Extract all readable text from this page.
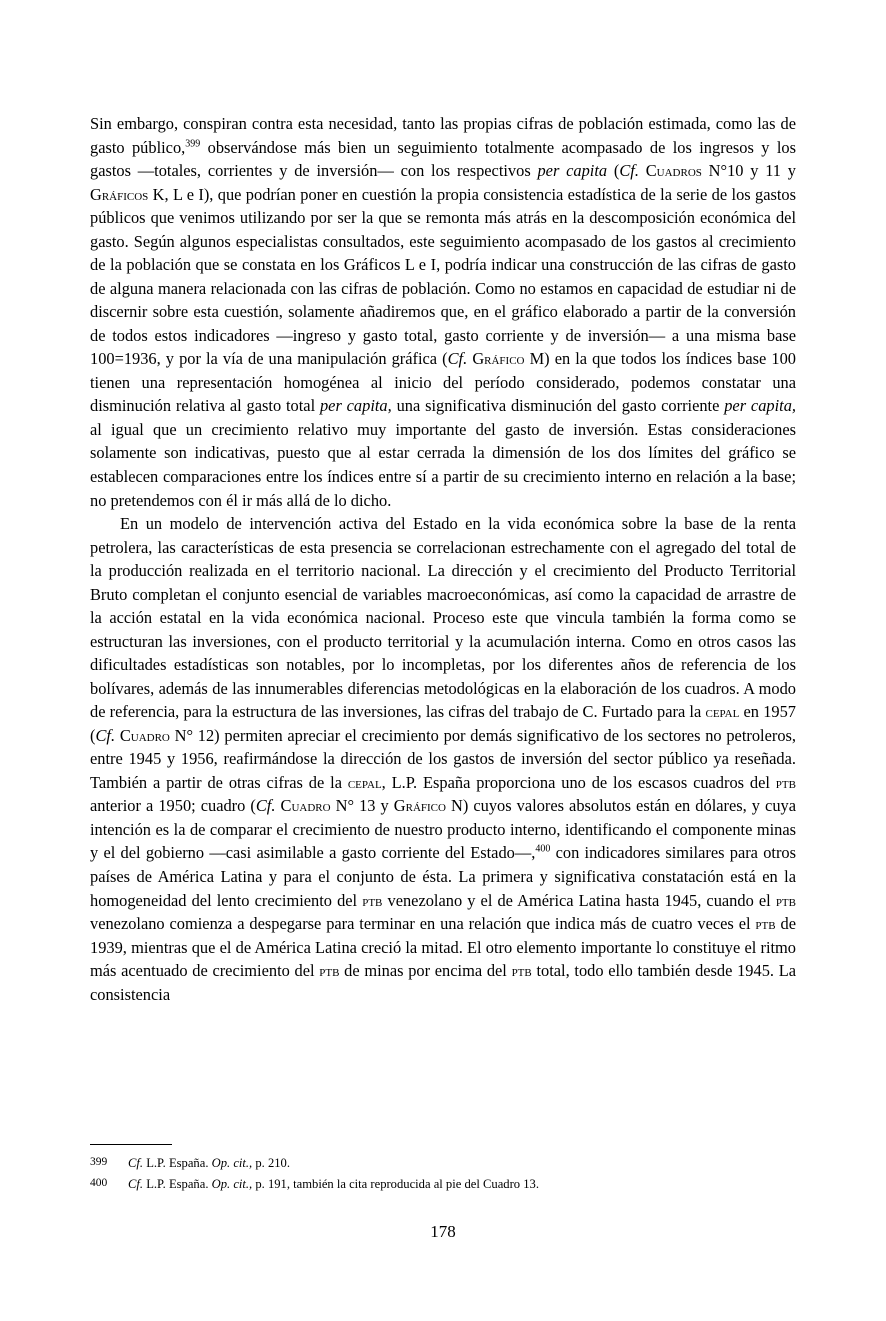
Sin embargo, conspiran contra esta necesidad, tanto las propias cifras de población estimada, como las de gasto público,$^{399}$ observándose más bien un seguimiento totalmente acompasado de los ingresos y los gastos —totales, corrientes y de inversión— con los respectivos per capita (Cf. Cuadros N°10 y 11 y Gráficos K, L e I), que podrían poner en cuestión la propia consistencia estadística de la serie de los gastos públicos que venimos utilizando por ser la que se remonta más atrás en la descomposición económica del gasto. Según algunos especialistas consultados, este seguimiento acompasado de los gastos al crecimiento de la población que se constata en los Gráficos L e I, podría indicar una construcción de las cifras de gasto de alguna manera relacionada con las cifras de población. Como no estamos en capacidad de estudiar ni de discernir sobre esta cuestión, solamente añadiremos que, en el gráfico elaborado a partir de la conversión de todos estos indicadores —ingreso y gasto total, gasto corriente y de inversión— a una misma base 100=1936, y por la vía de una manipulación gráfica (Cf. Gráfico M) en la que todos los índices base 100 tienen una representación homogénea al inicio del período considerado, podemos constatar una disminución relativa al gasto total per capita, una significativa disminución del gasto corriente per capita, al igual que un crecimiento relativo muy importante del gasto de inversión. Estas consideraciones solamente son indicativas, puesto que al estar cerrada la dimensión de los dos límites del gráfico se establecen comparaciones entre los índices entre sí a partir de su crecimiento interno en relación a la base; no pretendemos con él ir más allá de lo dicho.

En un modelo de intervención activa del Estado en la vida económica sobre la base de la renta petrolera, las características de esta presencia se correlacionan estrechamente con el agregado del total de la producción realizada en el territorio nacional. La dirección y el crecimiento del Producto Territorial Bruto completan el conjunto esencial de variables macroeconómicas, así como la capacidad de arrastre de la acción estatal en la vida económica nacional. Proceso este que vincula también la forma como se estructuran las inversiones, con el producto territorial y la acumulación interna. Como en otros casos las dificultades estadísticas son notables, por lo incompletas, por los diferentes años de referencia de los bolívares, además de las innumerables diferencias metodológicas en la elaboración de los cuadros. A modo de referencia, para la estructura de las inversiones, las cifras del trabajo de C. Furtado para la cepal en 1957 (Cf. Cuadro N° 12) permiten apreciar el crecimiento por demás significativo de los sectores no petroleros, entre 1945 y 1956, reafirmándose la dirección de los gastos de inversión del sector público ya reseñada. También a partir de otras cifras de la cepal, L.P. España proporciona uno de los escasos cuadros del ptb anterior a 1950; cuadro (Cf. Cuadro N° 13 y Gráfico N) cuyos valores absolutos están en dólares, y cuya intención es la de comparar el crecimiento de nuestro producto interno, identificando el componente minas y el del gobierno —casi asimilable a gasto corriente del Estado—,$^{400}$ con indicadores similares para otros países de América Latina y para el conjunto de ésta. La primera y significativa constatación está en la homogeneidad del lento crecimiento del ptb venezolano y el de América Latina hasta 1945, cuando el ptb venezolano comienza a despegarse para terminar en una relación que indica más de cuatro veces el ptb de 1939, mientras que el de América Latina creció la mitad. El otro elemento importante lo constituye el ritmo más acentuado de crecimiento del ptb de minas por encima del ptb total, todo ello también desde 1945. La consistencia

399	Cf. L.P. España. Op. cit., p. 210.
400	Cf. L.P. España. Op. cit., p. 191, también la cita reproducida al pie del Cuadro 13.
178
